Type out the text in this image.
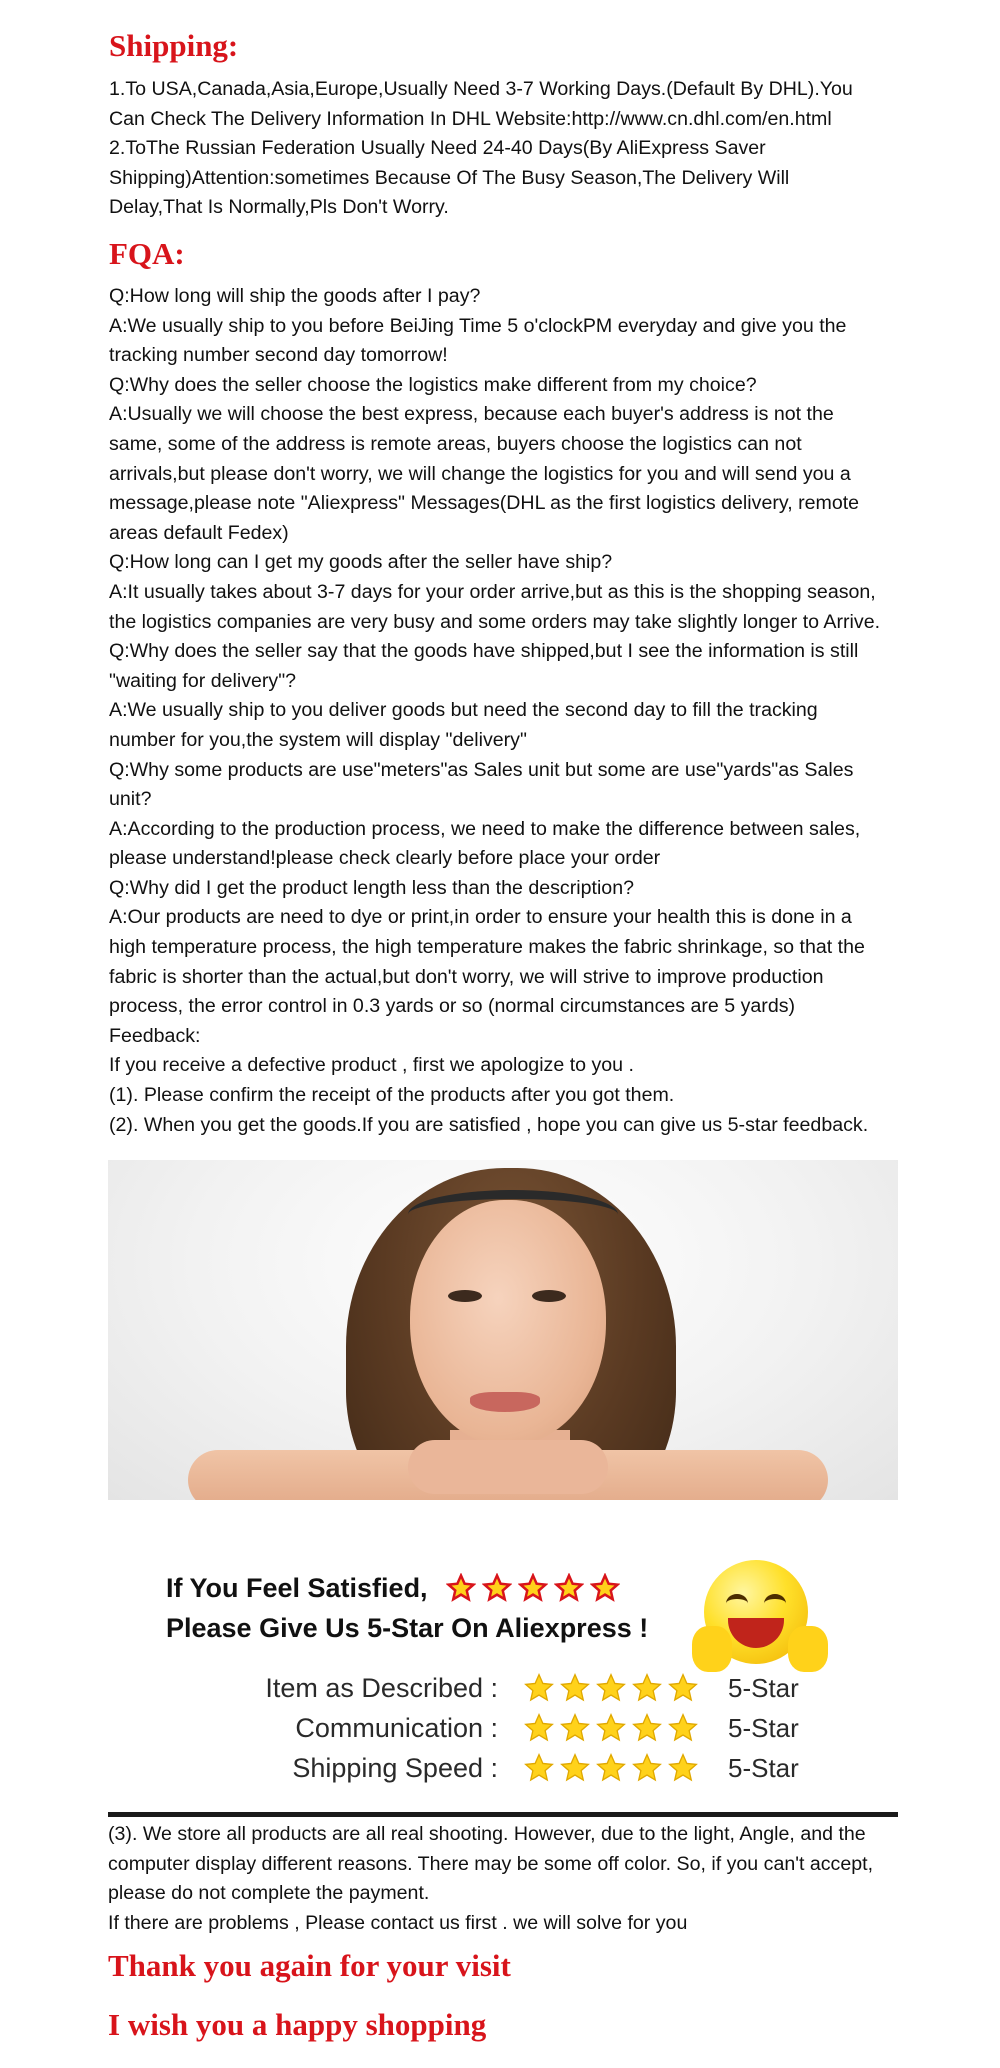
Shipping:

1.To USA,Canada,Asia,Europe,Usually Need 3-7 Working Days.(Default By DHL).You

Can Check The Delivery Information In DHL Website:http://www.cn.dhl.com/en.html

2.ToThe Russian Federation Usually Need 24-40 Days(By AliExpress Saver

Shipping)Attention:sometimes Because Of The Busy Season,The Delivery Will

Delay,That Is Normally,Pls Don't Worry.

FQA:

Q:How long will ship the goods after I pay?

A:We usually ship to you before BeiJing Time 5 o'clockPM everyday and give you the

tracking number second day tomorrow!

Q:Why does the seller choose the logistics make different from my choice?

A:Usually we will choose the best express, because each buyer's address is not the

same, some of the address is remote areas, buyers choose the logistics can not

arrivals,but please don't worry, we will change the logistics for you and will send you a

message,please note "Aliexpress" Messages(DHL as the first logistics delivery, remote

areas default Fedex)

Q:How long can I get my goods after the seller have ship?

A:It usually takes about 3-7 days for your order arrive,but as this is the shopping season,

the logistics companies are very busy and some orders may take slightly longer to Arrive.

Q:Why does the seller say that the goods have shipped,but I see the information is still

"waiting for delivery"?

A:We usually ship to you deliver goods but need the second day to fill the tracking

number for you,the system will display "delivery"

Q:Why some products are use"meters"as Sales unit but some are use"yards"as Sales

unit?

A:According to the production process, we need to make the difference between sales,

please understand!please check clearly before place your order

Q:Why did I get the product length less than the description?

A:Our products are need to dye or print,in order to ensure your health this is done in a

high temperature process, the high temperature makes the fabric shrinkage, so that the

fabric is shorter than the actual,but don't worry, we will strive to improve production

process, the error control in 0.3 yards or so (normal circumstances are 5 yards)

Feedback:

If you receive a defective product , first we apologize to you .

(1). Please confirm the receipt of the products after you got them.

(2). When you get the goods.If you are satisfied , hope you can give us 5-star feedback.

If You Feel Satisfied,

Please Give Us 5-Star On Aliexpress !

Item as Described :	5-Star
Communication :	5-Star
Shipping Speed :	5-Star

(3). We store all products are all real shooting. However, due to the light, Angle, and the

computer display different reasons. There may be some off color. So, if you can't accept,

please do not complete the payment.

If there are problems , Please contact us first . we will solve for you

Thank you again for your visit
I wish you a happy shopping
